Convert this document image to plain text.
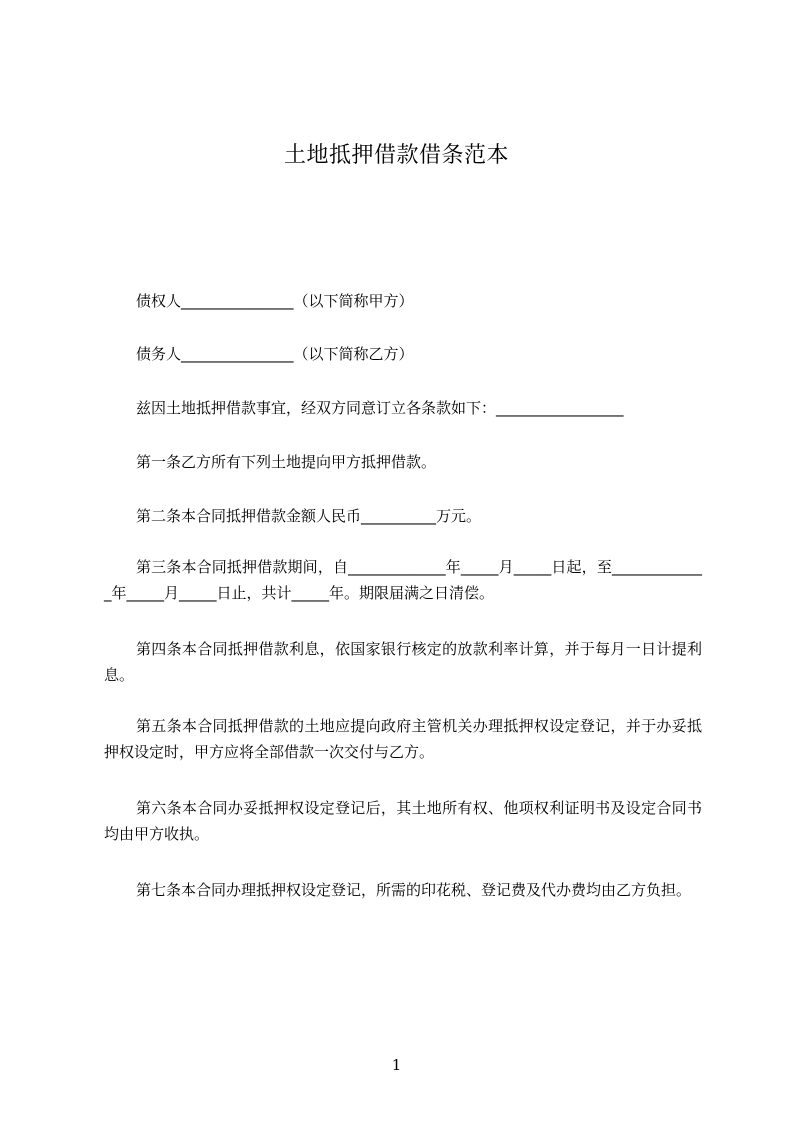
土地抵押借款借条范本
债权人_______________（以下简称甲方）
债务人_______________（以下简称乙方）
兹因土地抵押借款事宜，经双方同意订立各条款如下：_________________
第一条乙方所有下列土地提向甲方抵押借款。
第二条本合同抵押借款金额人民币__________万元。
第三条本合同抵押借款期间，自_____________年_____月_____日起，至_____________年_____月_____日止，共计_____年。期限届满之日清偿。
第四条本合同抵押借款利息，依国家银行核定的放款利率计算，并于每月一日计提利息。
第五条本合同抵押借款的土地应提向政府主管机关办理抵押权设定登记，并于办妥抵押权设定时，甲方应将全部借款一次交付与乙方。
第六条本合同办妥抵押权设定登记后，其土地所有权、他项权利证明书及设定合同书均由甲方收执。
第七条本合同办理抵押权设定登记，所需的印花税、登记费及代办费均由乙方负担。
1
